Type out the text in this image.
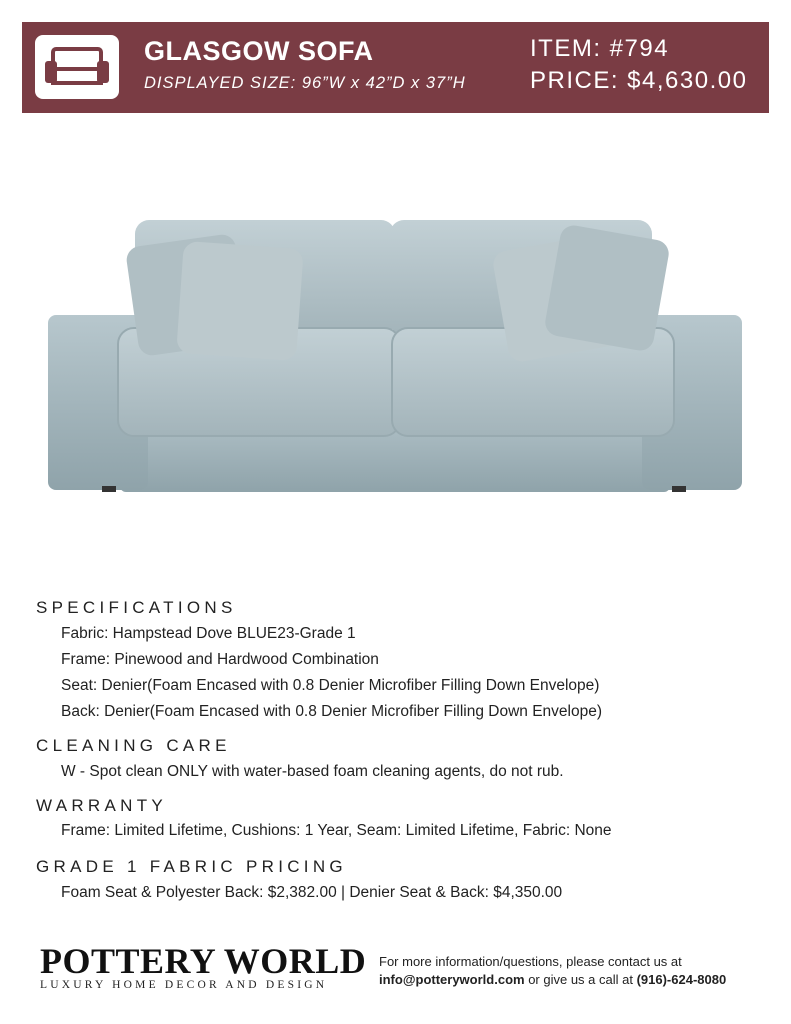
GLASGOW SOFA
DISPLAYED SIZE: 96”W x 42”D x 37”H
ITEM: #794
PRICE: $4,630.00
SPECIFICATIONS
Fabric: Hampstead Dove BLUE23-Grade 1
Frame: Pinewood and Hardwood Combination
Seat: Denier(Foam Encased with 0.8 Denier Microfiber Filling Down Envelope)
Back: Denier(Foam Encased with 0.8 Denier Microfiber Filling Down Envelope)
CLEANING CARE
W - Spot clean ONLY with water-based foam cleaning agents, do not rub.
WARRANTY
Frame: Limited Lifetime, Cushions: 1 Year, Seam: Limited Lifetime, Fabric: None
GRADE 1 FABRIC PRICING
Foam Seat & Polyester Back: $2,382.00 | Denier Seat & Back: $4,350.00
POTTERY WORLD
LUXURY HOME DECOR AND DESIGN
For more information/questions, please contact us at
info@potteryworld.com or give us a call at (916)-624-8080
